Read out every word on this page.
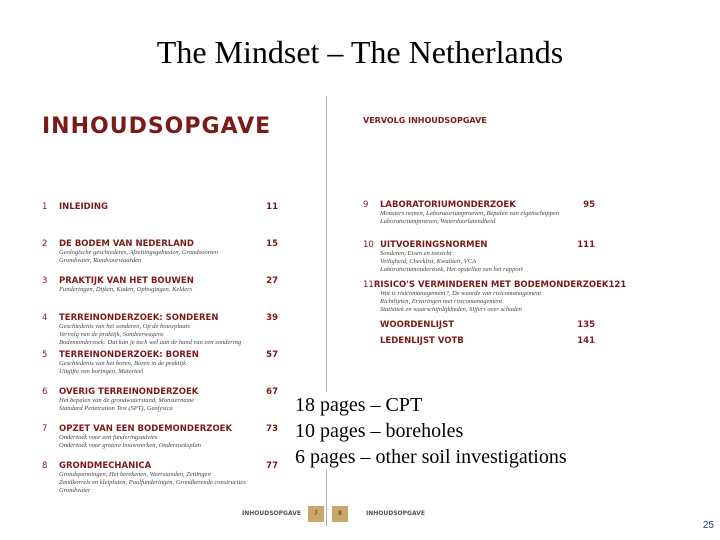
The Mindset – The Netherlands
INHOUDSOPGAVE	VERVOLG INHOUDSOPGAVE
1	INLEIDING	11
2	DE BODEM VAN NEDERLAND	15
Geologische geschiedenis, Afzettingsgebieden, Grondsoorten
Grondwater, Randvoorwaarden
3	PRAKTIJK VAN HET BOUWEN	27
Funderingen, Dijken, Kaden, Ophogingen, Kelders
4	TERREINONDERZOEK: SONDEREN	39
Geschiedenis van het sonderen, Op de bouwplaats
Vervolg van de praktijk, Sondeerwagens
Bodemonderzoek: Dat kan je toch wel aan de hand van een sondering
5	TERREINONDERZOEK: BOREN	57
Geschiedenis van het boren, Boren in de praktijk
Uitgifte van boringen, Materieel
6	OVERIG TERREINONDERZOEK	67
Het bepalen van de grondwaterstand, Monstername
Standard Penetration Test (SPT), Geofysica
7	OPZET VAN EEN BODEMONDERZOEK	73
Onderzoek voor een funderingsadvies
Onderzoek voor grotere bouwwerken, Onderzoeksplan
8	GRONDMECHANICA	77
Grondspanningen, Het berekenen, Weerstanden, Zettingen
Zandkorrels en kleiplaten, Paalfunderingen, Grondkerende constructies
Grondwater
9	LABORATORIUMONDERZOEK	95
Monsters nemen, Laboratoriumproeven, Bepalen van eigenschappen
Laboratoriumproeven, Waterdoorlatendheid
10 UITVOERINGSNORMEN	111
Sonderen, Eisen en toezicht
Veiligheid, Checklist, Kwaliteit, VCA
Laboratoriumonderzoek, Het opstellen van het rapport
11 RISICO'S VERMINDEREN MET BODEMONDERZOEK 121
Wat is risicomanagement?, De waarde van risicomanagement
Richtlijnen, Ervaringen met risicomanagement
Statistiek en waarschijnlijkheden, Sijfers over schaden
WOORDENLIJST	135
LEDENLIJST VOTB	141
INHOUDSOPGAVE	7	8	INHOUDSOPGAVE
18 pages – CPT
10 pages – boreholes
6 pages – other soil investigations
25
